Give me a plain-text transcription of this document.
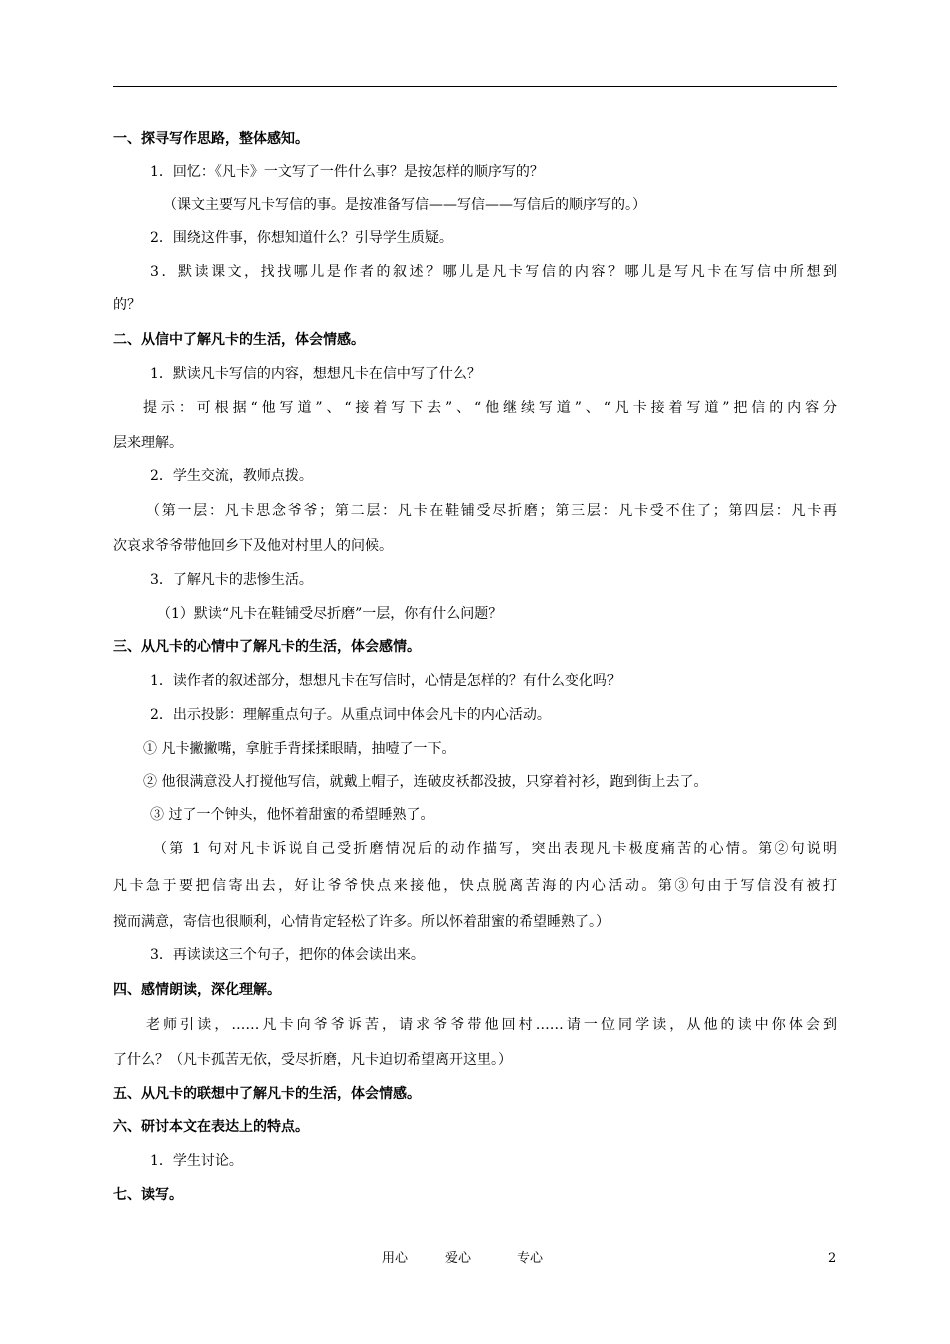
一、探寻写作思路，整体感知。
1．回忆：《凡卡》一文写了一件什么事？是按怎样的顺序写的？
（课文主要写凡卡写信的事。是按准备写信——写信——写信后的顺序写的。）
2．围绕这件事，你想知道什么？引导学生质疑。
3．默读课文，找找哪儿是作者的叙述？哪儿是凡卡写信的内容？哪儿是写凡卡在写信中所想到
的？
二、从信中了解凡卡的生活，体会情感。
1．默读凡卡写信的内容，想想凡卡在信中写了什么？
提示：可根据“他写道”、“接着写下去”、“他继续写道”、“凡卡接着写道”把信的内容分
层来理解。
2．学生交流，教师点拨。
（第一层：凡卡思念爷爷；第二层：凡卡在鞋铺受尽折磨；第三层：凡卡受不住了；第四层：凡卡再
次哀求爷爷带他回乡下及他对村里人的问候。
3．了解凡卡的悲惨生活。
（1）默读“凡卡在鞋铺受尽折磨”一层，你有什么问题？
三、从凡卡的心情中了解凡卡的生活，体会感情。
1．读作者的叙述部分，想想凡卡在写信时，心情是怎样的？有什么变化吗？
2．出示投影：理解重点句子。从重点词中体会凡卡的内心活动。
① 凡卡撇撇嘴，拿脏手背揉揉眼睛，抽噎了一下。
② 他很满意没人打搅他写信，就戴上帽子，连破皮袄都没披，只穿着衬衫，跑到街上去了。
③ 过了一个钟头，他怀着甜蜜的希望睡熟了。
（第 1 句对凡卡诉说自己受折磨情况后的动作描写，突出表现凡卡极度痛苦的心情。第②句说明
凡卡急于要把信寄出去，好让爷爷快点来接他，快点脱离苦海的内心活动。第③句由于写信没有被打
搅而满意，寄信也很顺利，心情肯定轻松了许多。所以怀着甜蜜的希望睡熟了。）
3．再读读这三个句子，把你的体会读出来。
四、感情朗读，深化理解。
老师引读，……凡卡向爷爷诉苦，请求爷爷带他回村……请一位同学读，从他的读中你体会到
了什么？（凡卡孤苦无依，受尽折磨，凡卡迫切希望离开这里。）
五、从凡卡的联想中了解凡卡的生活，体会情感。
六、研讨本文在表达上的特点。
1．学生讨论。
七、读写。
用心	爱心	专心	2
